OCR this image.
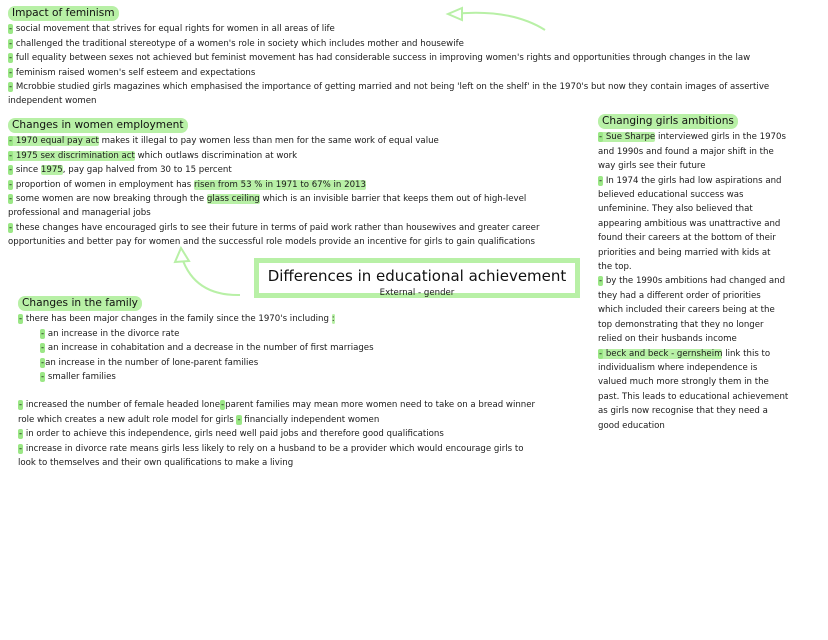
Impact of feminism
- social movement that strives for equal rights for women in all areas of life
- challenged the traditional stereotype of a women's role in society which includes mother and housewife
- full equality between sexes not achieved but feminist movement has had considerable success in improving women's rights and opportunities through changes in the law
- feminism raised women's self esteem and expectations
- Mcrobbie studied girls magazines which emphasised the importance of getting married and not being 'left on the shelf' in the 1970's but now they contain images of assertive
independent women
Changes in women employment
- 1970 equal pay act makes it illegal to pay women less than men for the same work of equal value
- 1975 sex discrimination act which outlaws discrimination at work
- since 1975, pay gap halved from 30 to 15 percent
- proportion of women in employment has risen from 53 % in 1971 to 67% in 2013
- some women are now breaking through the glass ceiling which is an invisible barrier that keeps them out of high-level
professional and managerial jobs
- these changes have encouraged girls to see their future in terms of paid work rather than housewives and greater career
opportunities and better pay for women and the successful role models provide an incentive for girls to gain qualifications
Differences in educational achievement
External - gender
Changes in the family
- there has been major changes in the family since the 1970's including :
- an increase in the divorce rate
- an increase in cohabitation and a decrease in the number of first marriages
-an increase in the number of lone-parent families
- smaller families
- increased the number of female headed lone-parent families may mean more women need to take on a bread winner
role which creates a new adult role model for girls - financially independent women
- in order to achieve this independence, girls need well paid jobs and therefore good qualifications
- increase in divorce rate means girls less likely to rely on a husband to be a provider which would encourage girls to
look to themselves and their own qualifications to make a living
Changing girls ambitions
- Sue Sharpe interviewed girls in the 1970s
and 1990s and found a major shift in the
way girls see their future
- In 1974 the girls had low aspirations and
believed educational success was
unfeminine. They also believed that
appearing ambitious was unattractive and
found their careers at the bottom of their
priorities and being married with kids at
the top.
- by the 1990s ambitions had changed and
they had a different order of priorities
which included their careers being at the
top demonstrating that they no longer
relied on their husbands income
- beck and beck - gernsheim link this to
individualism where independence is
valued much more strongly them in the
past. This leads to educational achievement
as girls now recognise that they need a
good education
